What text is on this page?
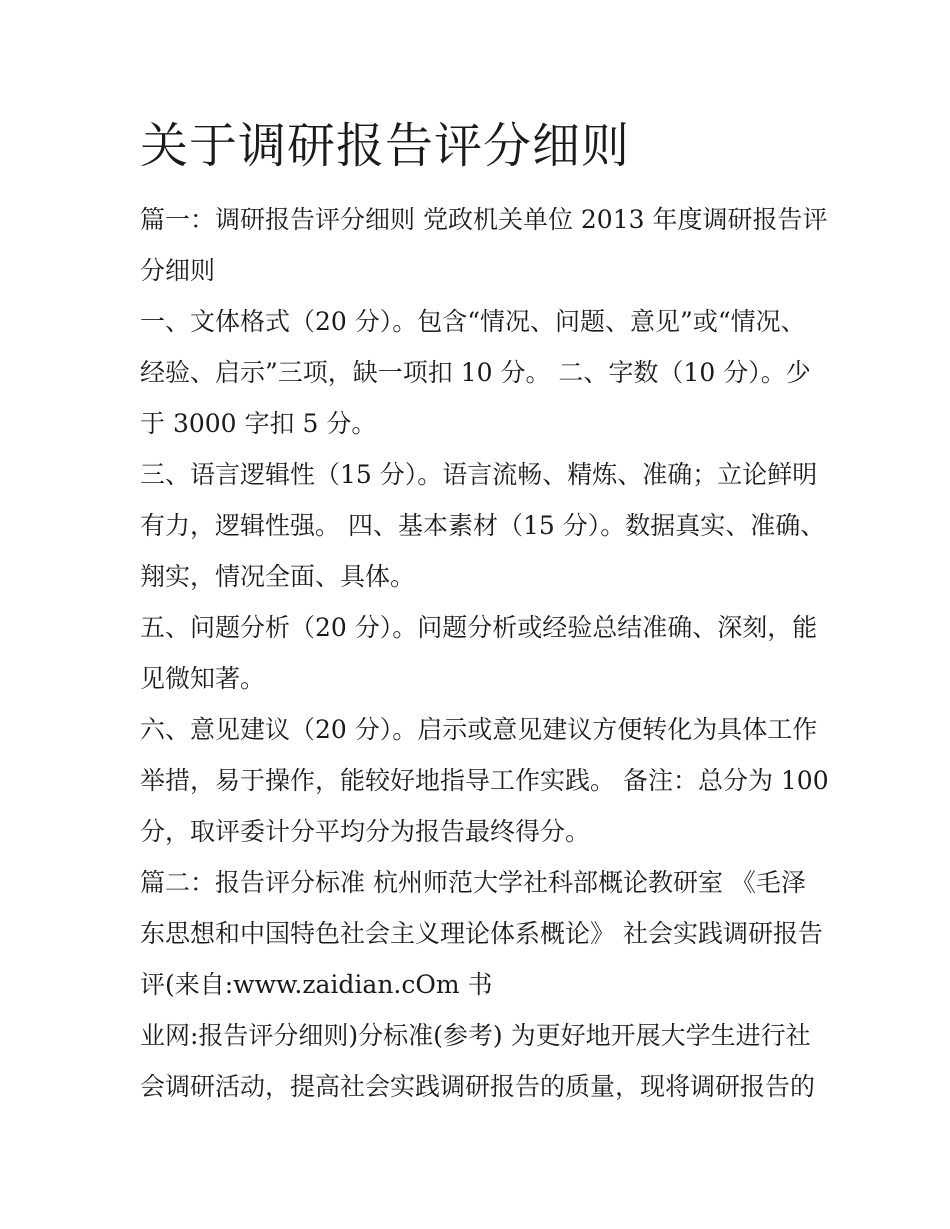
关于调研报告评分细则

篇一：调研报告评分细则 党政机关单位 2013 年度调研报告评分细则

一、文体格式（20 分）。包含“情况、问题、意见”或“情况、经验、启示”三项，缺一项扣 10 分。 二、字数（10 分）。少于 3000 字扣 5 分。

三、语言逻辑性（15 分）。语言流畅、精炼、准确；立论鲜明有力，逻辑性强。 四、基本素材（15 分）。数据真实、准确、翔实，情况全面、具体。

五、问题分析（20 分）。问题分析或经验总结准确、深刻，能见微知著。

六、意见建议（20 分）。启示或意见建议方便转化为具体工作举措，易于操作，能较好地指导工作实践。 备注：总分为 100 分，取评委计分平均分为报告最终得分。

篇二：报告评分标准 杭州师范大学社科部概论教研室 《毛泽东思想和中国特色社会主义理论体系概论》 社会实践调研报告评(来自:www.zaidian.cOm 书

业网:报告评分细则)分标准(参考) 为更好地开展大学生进行社会调研活动，提高社会实践调研报告的质量，现将调研报告的
